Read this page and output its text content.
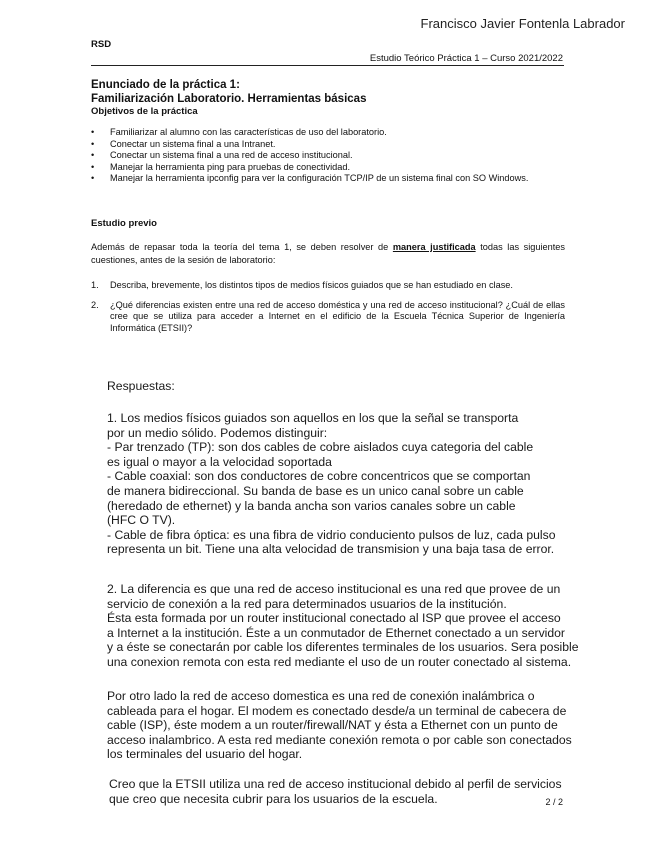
Francisco Javier Fontenla Labrador
RSD
Estudio Teórico Práctica 1 – Curso 2021/2022
Enunciado de la práctica 1:
Familiarización Laboratorio. Herramientas básicas
Objetivos de la práctica
• Familiarizar al alumno con las características de uso del laboratorio.
• Conectar un sistema final a una Intranet.
• Conectar un sistema final a una red de acceso institucional.
• Manejar la herramienta ping para pruebas de conectividad.
• Manejar la herramienta ipconfig para ver la configuración TCP/IP de un sistema final con SO Windows.
Estudio previo
Además de repasar toda la teoría del tema 1, se deben resolver de manera justificada todas las siguientes cuestiones, antes de la sesión de laboratorio:
1. Describa, brevemente, los distintos tipos de medios físicos guiados que se han estudiado en clase.
2. ¿Qué diferencias existen entre una red de acceso doméstica y una red de acceso institucional? ¿Cuál de ellas cree que se utiliza para acceder a Internet en el edificio de la Escuela Técnica Superior de Ingeniería Informática (ETSII)?
Respuestas:

1. Los medios físicos guiados son aquellos en los que la señal se transporta

por un medio sólido. Podemos distinguir:

- Par trenzado (TP): son dos cables de cobre aislados cuya categoria del cable

es igual o mayor a la velocidad soportada

- Cable coaxial: son dos conductores de cobre concentricos que se comportan

de manera bidireccional. Su banda de base es un unico canal sobre un cable

(heredado de ethernet) y la banda ancha son varios canales sobre un cable

(HFC O TV).

- Cable de fibra óptica: es una fibra de vidrio conduciento pulsos de luz, cada pulso

representa un bit. Tiene una alta velocidad de transmision y una baja tasa de error.

2. La diferencia es que una red de acceso institucional es una red que provee de un

servicio de conexión a la red para determinados usuarios de la institución.

Ésta esta formada por un router institucional conectado al ISP que provee el acceso

a Internet a la institución. Éste a un conmutador de Ethernet conectado a un servidor

y a éste se conectarán por cable los diferentes terminales de los usuarios. Sera posible

una conexion remota con esta red mediante el uso de un router conectado al sistema.

Por otro lado la red de acceso domestica es una red de conexión inalámbrica o

cableada para el hogar. El modem es conectado desde/a un terminal de cabecera de

cable (ISP), éste modem a un router/firewall/NAT y ésta a Ethernet con un punto de

acceso inalambrico. A esta red mediante conexión remota o por cable son conectados

los terminales del usuario del hogar.

Creo que la ETSII utiliza una red de acceso institucional debido al perfil de servicios

que creo que necesita cubrir para los usuarios de la escuela.	2 / 2
